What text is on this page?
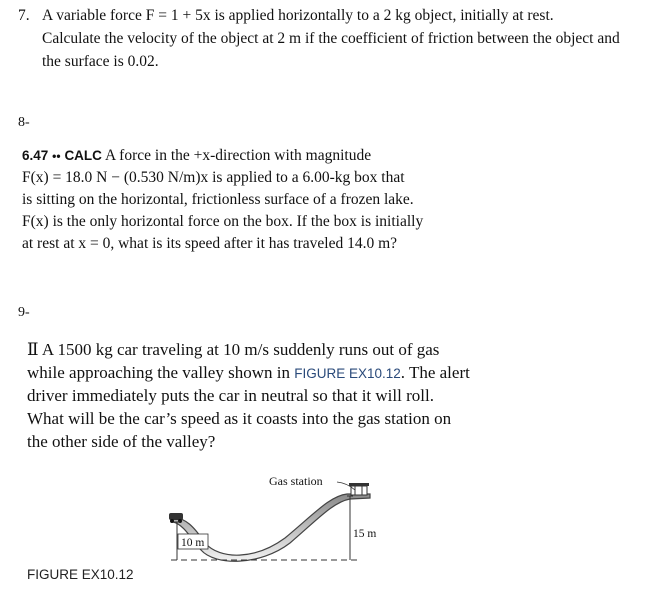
7. A variable force F = 1 + 5x is applied horizontally to a 2 kg object, initially at rest.
Calculate the velocity of the object at 2 m if the coefficient of friction between the object and
the surface is 0.02.
8-
6.47 •• CALC A force in the +x-direction with magnitude
F(x) = 18.0 N − (0.530 N/m)x is applied to a 6.00-kg box that
is sitting on the horizontal, frictionless surface of a frozen lake.
F(x) is the only horizontal force on the box. If the box is initially
at rest at x = 0, what is its speed after it has traveled 14.0 m?
9-
Ⅱ A 1500 kg car traveling at 10 m/s suddenly runs out of gas
while approaching the valley shown in FIGURE EX10.12. The alert
driver immediately puts the car in neutral so that it will roll.
What will be the car’s speed as it coasts into the gas station on
the other side of the valley?
Gas station
10 m
15 m
FIGURE EX10.12
